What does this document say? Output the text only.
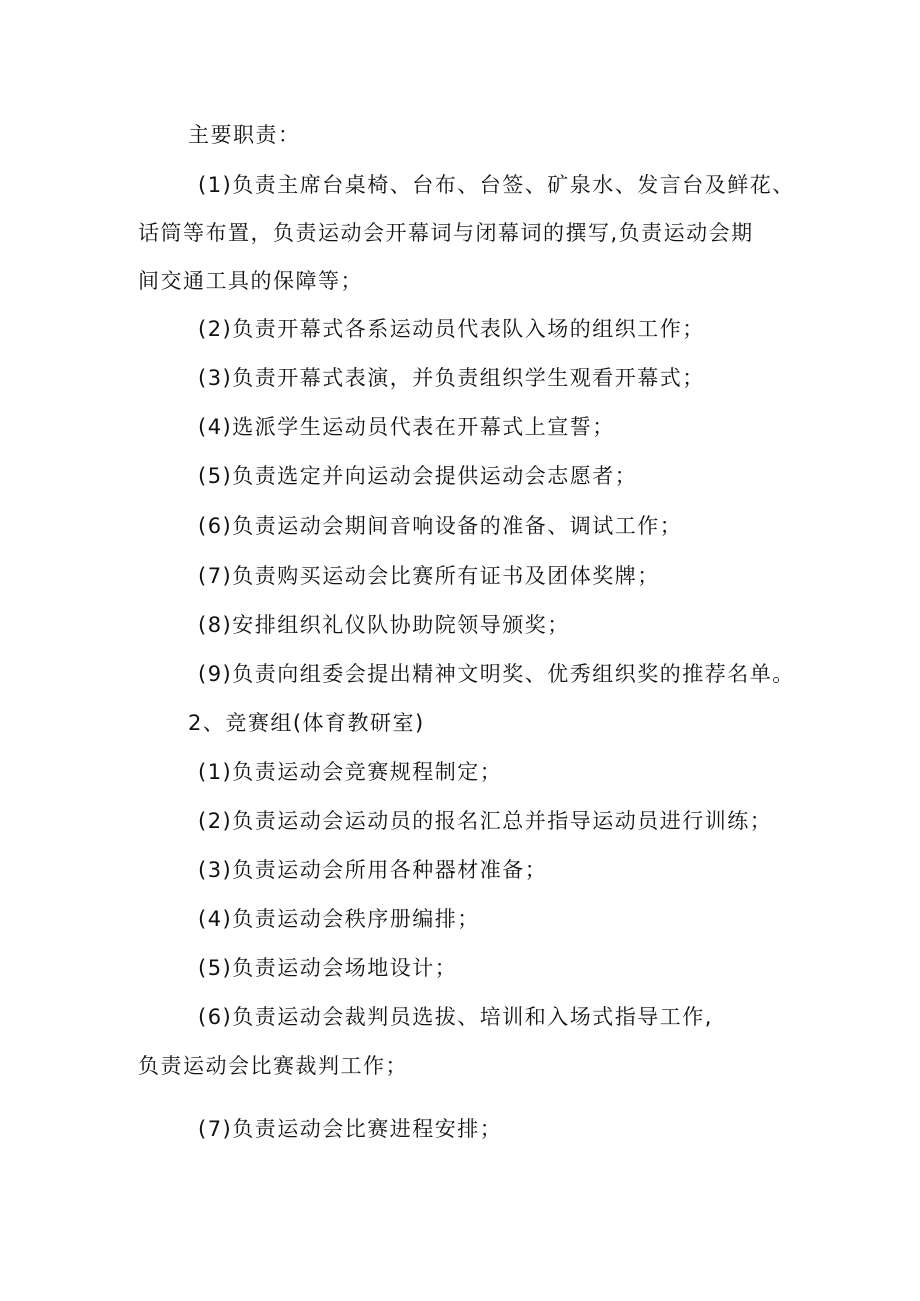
主要职责：
(1)负责主席台桌椅、台布、台签、矿泉水、发言台及鲜花、
话筒等布置，负责运动会开幕词与闭幕词的撰写,负责运动会期
间交通工具的保障等；
(2)负责开幕式各系运动员代表队入场的组织工作；
(3)负责开幕式表演，并负责组织学生观看开幕式；
(4)选派学生运动员代表在开幕式上宣誓；
(5)负责选定并向运动会提供运动会志愿者；
(6)负责运动会期间音响设备的准备、调试工作；
(7)负责购买运动会比赛所有证书及团体奖牌；
(8)安排组织礼仪队协助院领导颁奖；
(9)负责向组委会提出精神文明奖、优秀组织奖的推荐名单。
2、竞赛组(体育教研室)
(1)负责运动会竞赛规程制定；
(2)负责运动会运动员的报名汇总并指导运动员进行训练；
(3)负责运动会所用各种器材准备；
(4)负责运动会秩序册编排；
(5)负责运动会场地设计；
(6)负责运动会裁判员选拔、培训和入场式指导工作,
负责运动会比赛裁判工作；
(7)负责运动会比赛进程安排；
